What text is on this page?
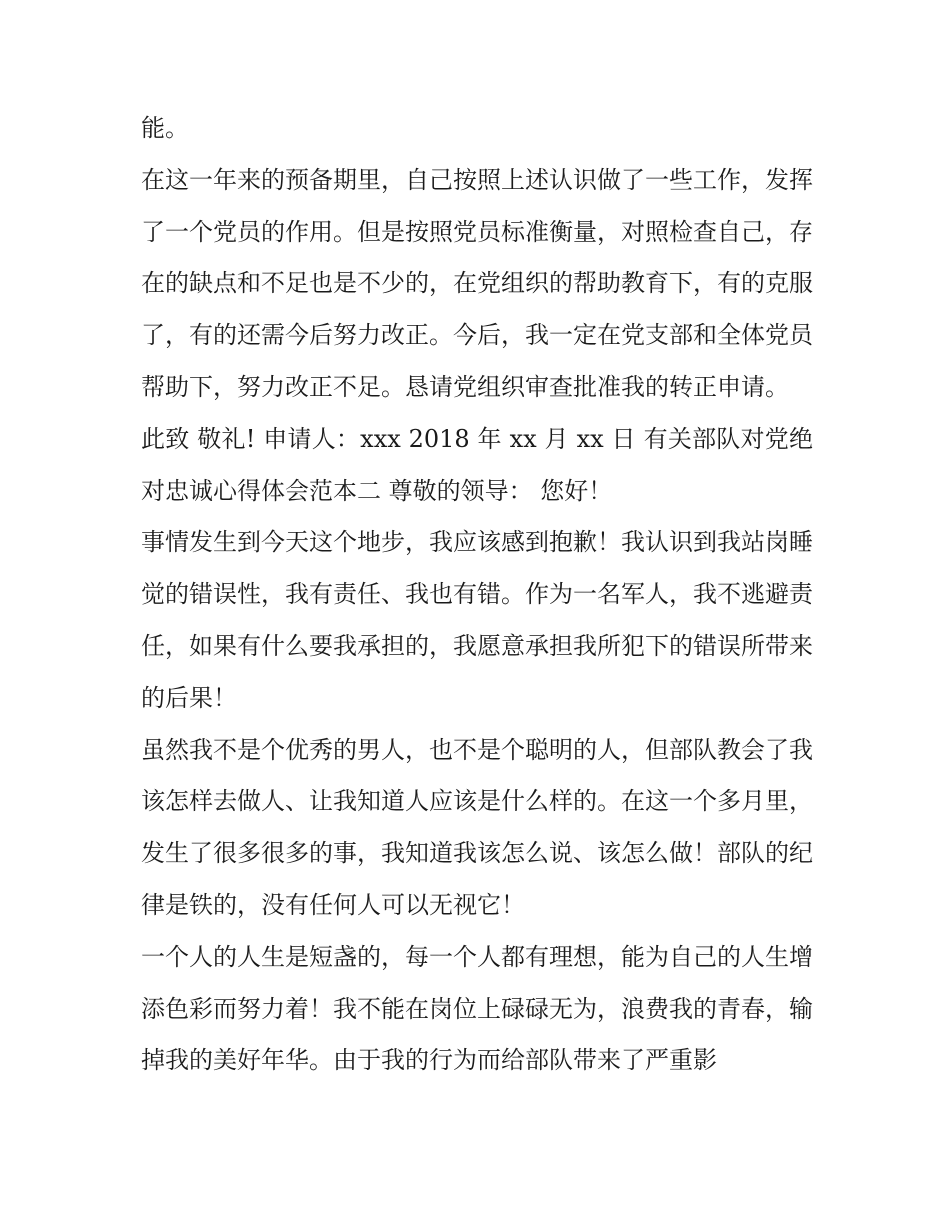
能。

在这一年来的预备期里，自己按照上述认识做了一些工作，发挥了一个党员的作用。但是按照党员标准衡量，对照检查自己，存在的缺点和不足也是不少的，在党组织的帮助教育下，有的克服了，有的还需今后努力改正。今后，我一定在党支部和全体党员帮助下，努力改正不足。恳请党组织审查批准我的转正申请。

此致 敬礼! 申请人：xxx 2018 年 xx 月 xx 日 有关部队对党绝对忠诚心得体会范本二 尊敬的领导： 您好！

事情发生到今天这个地步，我应该感到抱歉！我认识到我站岗睡觉的错误性，我有责任、我也有错。作为一名军人，我不逃避责任，如果有什么要我承担的，我愿意承担我所犯下的错误所带来的后果！

虽然我不是个优秀的男人，也不是个聪明的人，但部队教会了我该怎样去做人、让我知道人应该是什么样的。在这一个多月里，发生了很多很多的事，我知道我该怎么说、该怎么做！部队的纪律是铁的，没有任何人可以无视它！

一个人的人生是短盏的，每一个人都有理想，能为自己的人生增添色彩而努力着！我不能在岗位上碌碌无为，浪费我的青春，输掉我的美好年华。由于我的行为而给部队带来了严重影
